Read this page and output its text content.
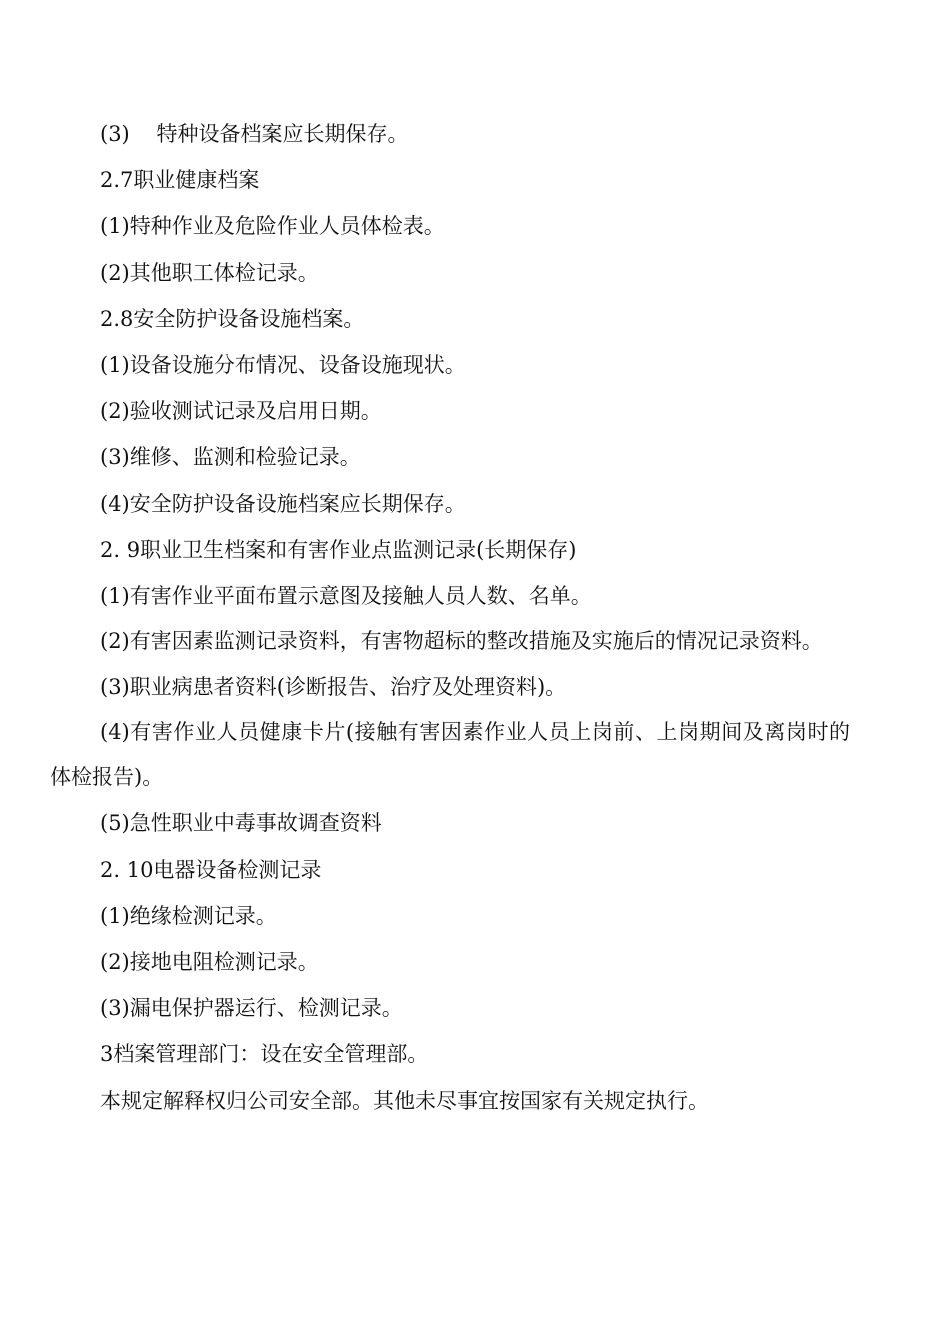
(3)    特种设备档案应长期保存。

2.7职业健康档案

(1)特种作业及危险作业人员体检表。

(2)其他职工体检记录。

2.8安全防护设备设施档案。

(1)设备设施分布情况、设备设施现状。

(2)验收测试记录及启用日期。

(3)维修、监测和检验记录。

(4)安全防护设备设施档案应长期保存。

2. 9职业卫生档案和有害作业点监测记录(长期保存)

(1)有害作业平面布置示意图及接触人员人数、名单。

(2)有害因素监测记录资料，有害物超标的整改措施及实施后的情况记录资料。

(3)职业病患者资料(诊断报告、治疗及处理资料)。

(4)有害作业人员健康卡片(接触有害因素作业人员上岗前、上岗期间及离岗时的体检报告)。

(5)急性职业中毒事故调查资料

2. 10电器设备检测记录

(1)绝缘检测记录。

(2)接地电阻检测记录。

(3)漏电保护器运行、检测记录。

3档案管理部门：设在安全管理部。

本规定解释权归公司安全部。其他未尽事宜按国家有关规定执行。
